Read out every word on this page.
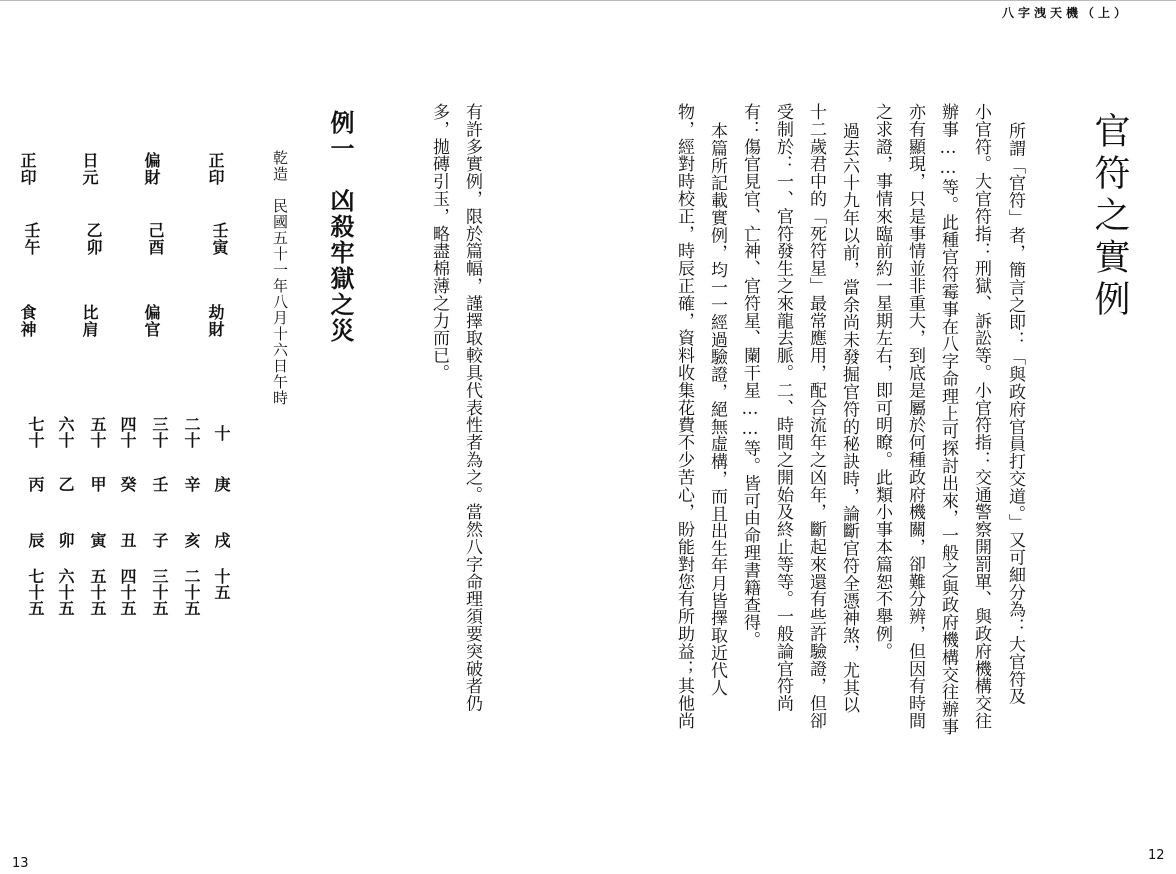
八字洩天機（上）
13
12
官符之實例
所謂「官符」者，簡言之即：「與政府官員打交道。」又可細分為：大官符及
小官符。大官符指：刑獄、訴訟等。小官符指：交通警察開罰單、與政府機構交往
辦事……等。此種官符霉事在八字命理上可探討出來，一般之與政府機構交往辦事
亦有顯現，只是事情並非重大，到底是屬於何種政府機關，卻難分辨，但因有時間
之求證，事情來臨前約一星期左右，即可明瞭。此類小事本篇恕不舉例。
過去六十九年以前，當余尚未發掘官符的秘訣時，論斷官符全憑神煞，尤其以
十二歲君中的「死符星」最常應用，配合流年之凶年，斷起來還有些許驗證，但卻
受制於：一、官符發生之來龍去脈。二、時間之開始及終止等等。一般論官符尚
有：傷官見官、亡神、官符星、闌干星……等。皆可由命理書籍查得。
本篇所記載實例，均一一經過驗證，絕無虛構，而且出生年月皆擇取近代人
物，經對時校正，時辰正確，資料收集花費不少苦心，盼能對您有所助益；其他尚
有許多實例，限於篇幅，謹擇取較具代表性者為之。當然八字命理須要突破者仍
多，拋磚引玉，略盡棉薄之力而已。
例一　凶殺牢獄之災
乾造　民國五十一年八月十六日午時
正印
壬寅
劫財
偏財
己酉
偏官
日元
乙卯
比肩
正印
壬午
食神
十
庚
戌
十五
二十
辛
亥
二十五
三十
壬
子
三十五
四十
癸
丑
四十五
五十
甲
寅
五十五
六十
乙
卯
六十五
七十
丙
辰
七十五
